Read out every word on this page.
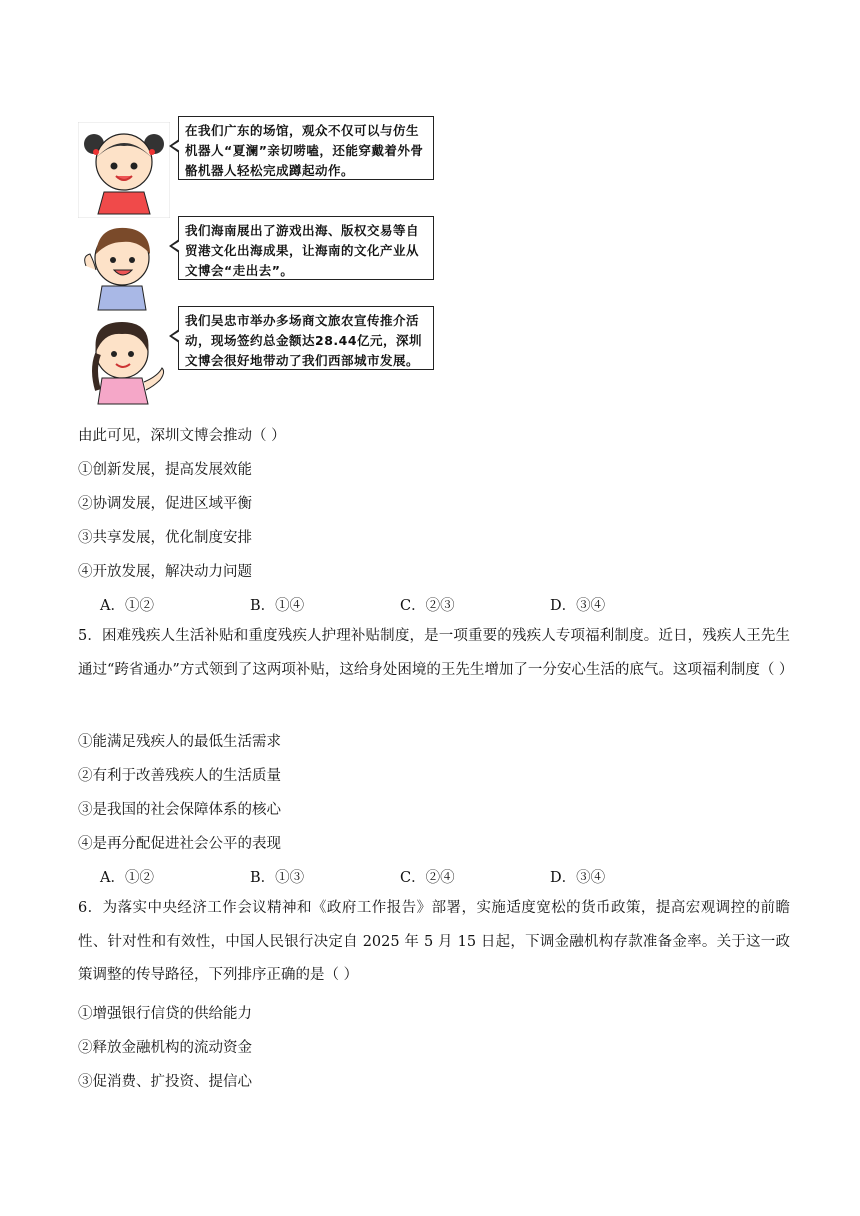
在我们广东的场馆，观众不仅可以与仿生机器人“夏澜”亲切唠嗑，还能穿戴着外骨骼机器人轻松完成蹲起动作。
我们海南展出了游戏出海、版权交易等自贸港文化出海成果，让海南的文化产业从文博会“走出去”。
我们吴忠市举办多场商文旅农宣传推介活动，现场签约总金额达28.44亿元，深圳文博会很好地带动了我们西部城市发展。
由此可见，深圳文博会推动（ ）
①创新发展，提高发展效能
②协调发展，促进区域平衡
③共享发展，优化制度安排
④开放发展，解决动力问题
A．①②	B．①④	C．②③	D．③④
5．困难残疾人生活补贴和重度残疾人护理补贴制度，是一项重要的残疾人专项福利制度。近日，残疾人王先生通过“跨省通办”方式领到了这两项补贴，这给身处困境的王先生增加了一分安心生活的底气。这项福利制度（ ）
①能满足残疾人的最低生活需求
②有利于改善残疾人的生活质量
③是我国的社会保障体系的核心
④是再分配促进社会公平的表现
A．①②	B．①③	C．②④	D．③④
6．为落实中央经济工作会议精神和《政府工作报告》部署，实施适度宽松的货币政策，提高宏观调控的前瞻性、针对性和有效性，中国人民银行决定自 2025 年 5 月 15 日起，下调金融机构存款准备金率。关于这一政策调整的传导路径，下列排序正确的是（ ）
①增强银行信贷的供给能力
②释放金融机构的流动资金
③促消费、扩投资、提信心
